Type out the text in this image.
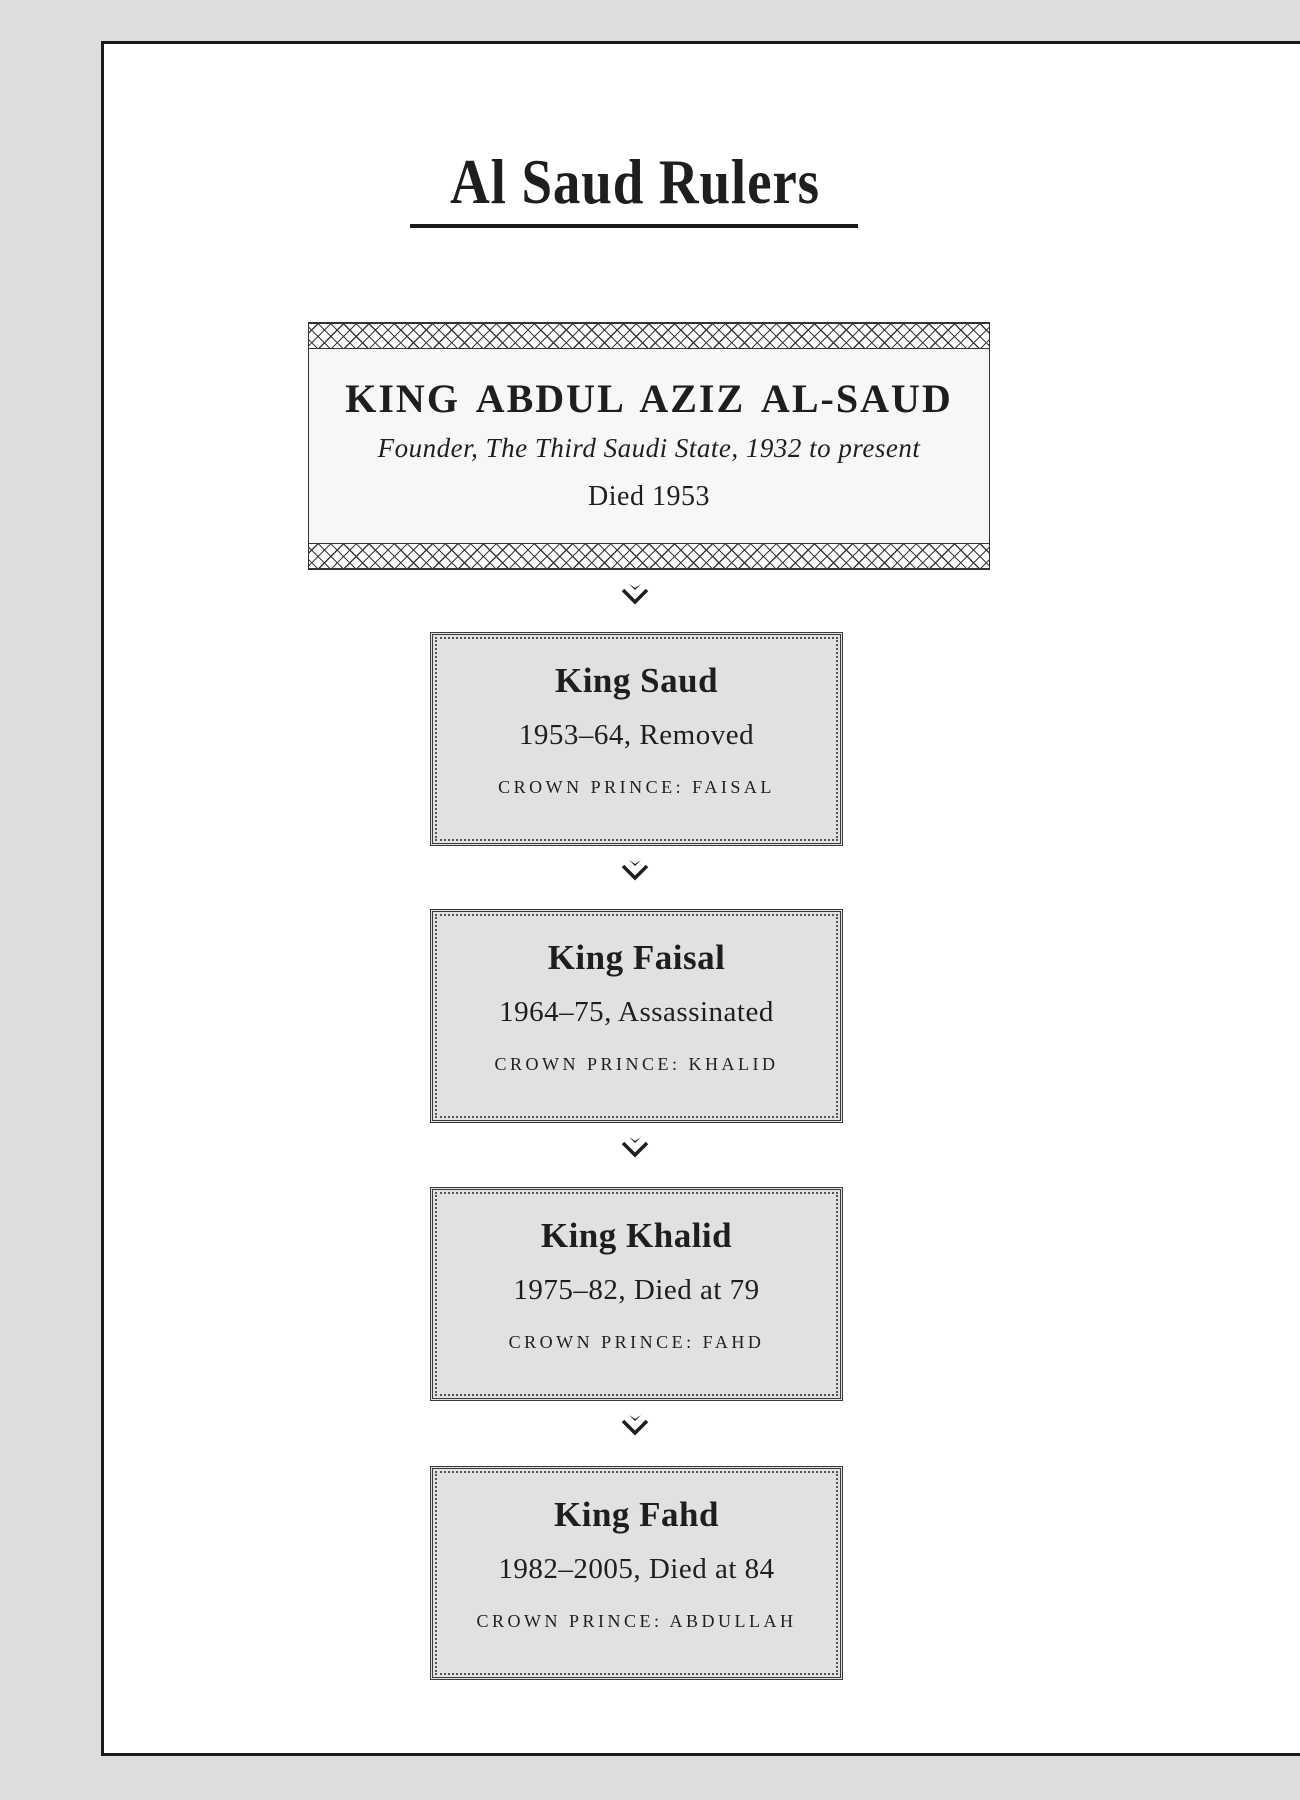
Al Saud Rulers
KING ABDUL AZIZ AL-SAUD
Founder, The Third Saudi State, 1932 to present
Died 1953
King Saud
1953–64, Removed
CROWN PRINCE: FAISAL
King Faisal
1964–75, Assassinated
CROWN PRINCE: KHALID
King Khalid
1975–82, Died at 79
CROWN PRINCE: FAHD
King Fahd
1982–2005, Died at 84
CROWN PRINCE: ABDULLAH
